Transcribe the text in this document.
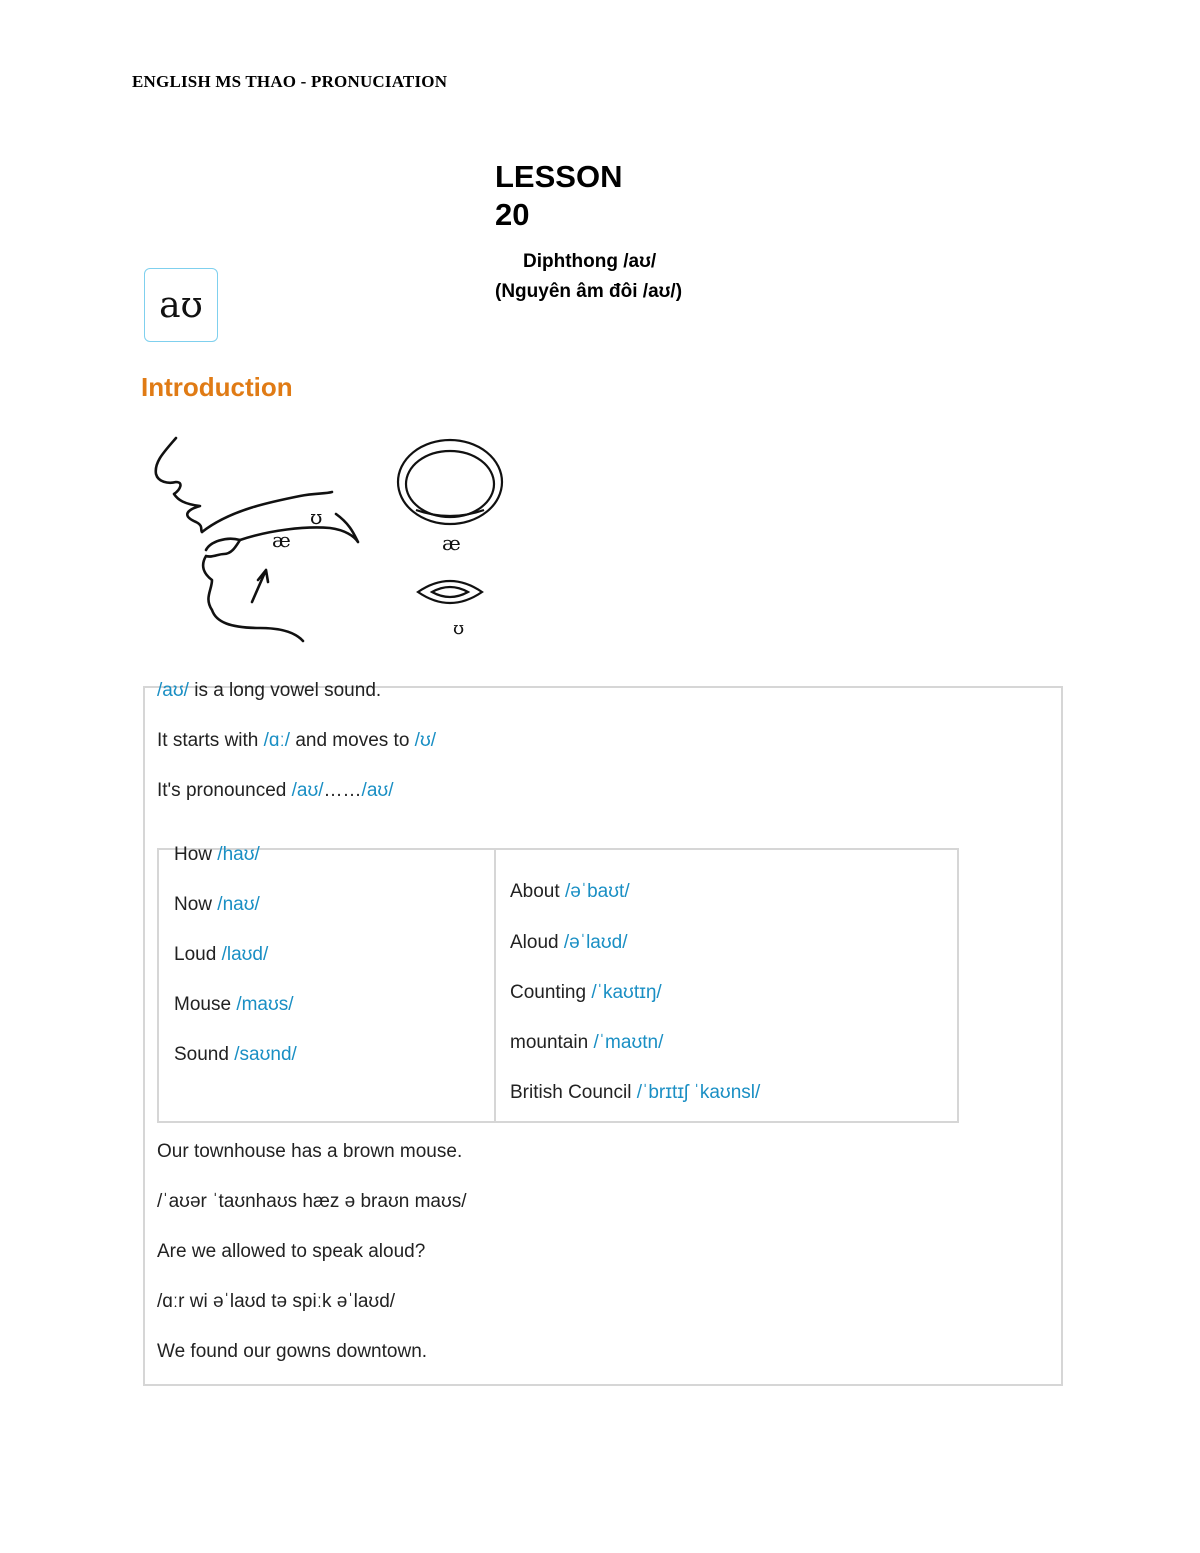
ENGLISH MS THAO - PRONUCIATION
LESSON
20
Diphthong /aʊ/
(Nguyên âm đôi /aʊ/)
aʊ
Introduction
ʊ
æ	æ
ʊ
/aʊ/ is a long vowel sound.
It starts with /ɑː/ and moves to /ʊ/
It's pronounced /aʊ/……/aʊ/
How /haʊ/
Now /naʊ/
Loud /laʊd/
Mouse /maʊs/
Sound /saʊnd/
About /əˈbaʊt/
Aloud /əˈlaʊd/
Counting /ˈkaʊtɪŋ/
mountain /ˈmaʊtn/
British Council /ˈbrɪtɪʃ ˈkaʊnsl/
Our townhouse has a brown mouse.
/ˈaʊər ˈtaʊnhaʊs hæz ə braʊn maʊs/
Are we allowed to speak aloud?
/ɑːr wi əˈlaʊd tə spiːk əˈlaʊd/
We found our gowns downtown.
